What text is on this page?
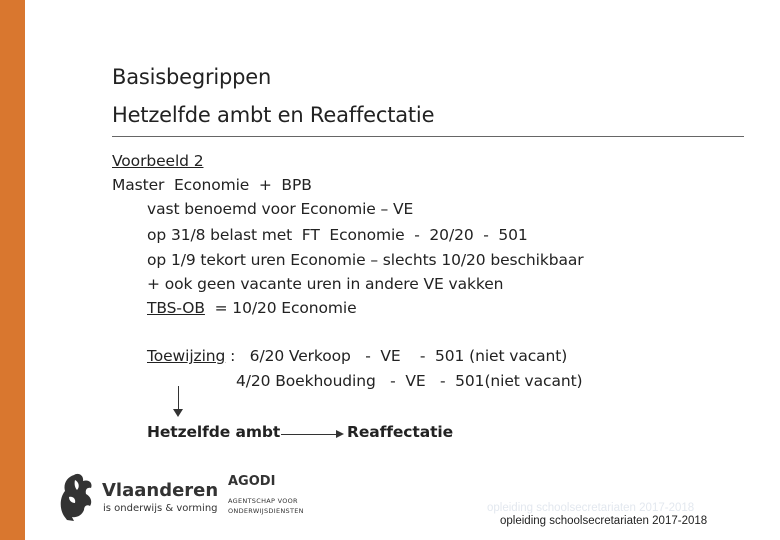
Basisbegrippen
Hetzelfde ambt en Reaffectatie
Voorbeeld 2
Master  Economie  +  BPB
vast benoemd voor Economie – VE
op 31/8 belast met  FT  Economie  -  20/20  -  501
op 1/9 tekort uren Economie – slechts 10/20 beschikbaar
+ ook geen vacante uren in andere VE vakken
TBS-OB  = 10/20 Economie
Toewijzing :   6/20 Verkoop   -  VE    -  501 (niet vacant)
4/20 Boekhouding   -  VE   -  501(niet vacant)
Hetzelfde ambt	Reaffectatie
Vlaanderen
is onderwijs & vorming
AGODI
AGENTSCHAP VOOR
ONDERWIJSDIENSTEN	opleiding schoolsecretariaten 2017-2018
opleiding schoolsecretariaten 2017-2018
